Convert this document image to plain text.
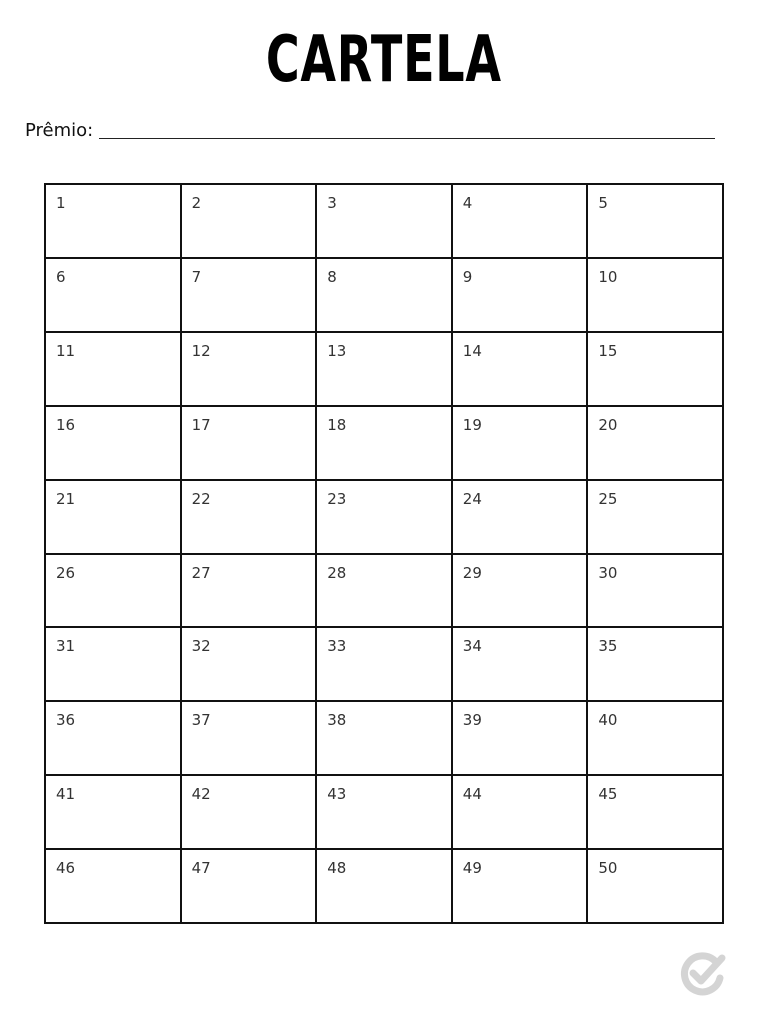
CARTELA
Prêmio:
1	2	3	4	5
6	7	8	9	10
11	12	13	14	15
16	17	18	19	20
21	22	23	24	25
26	27	28	29	30
31	32	33	34	35
36	37	38	39	40
41	42	43	44	45
46	47	48	49	50
